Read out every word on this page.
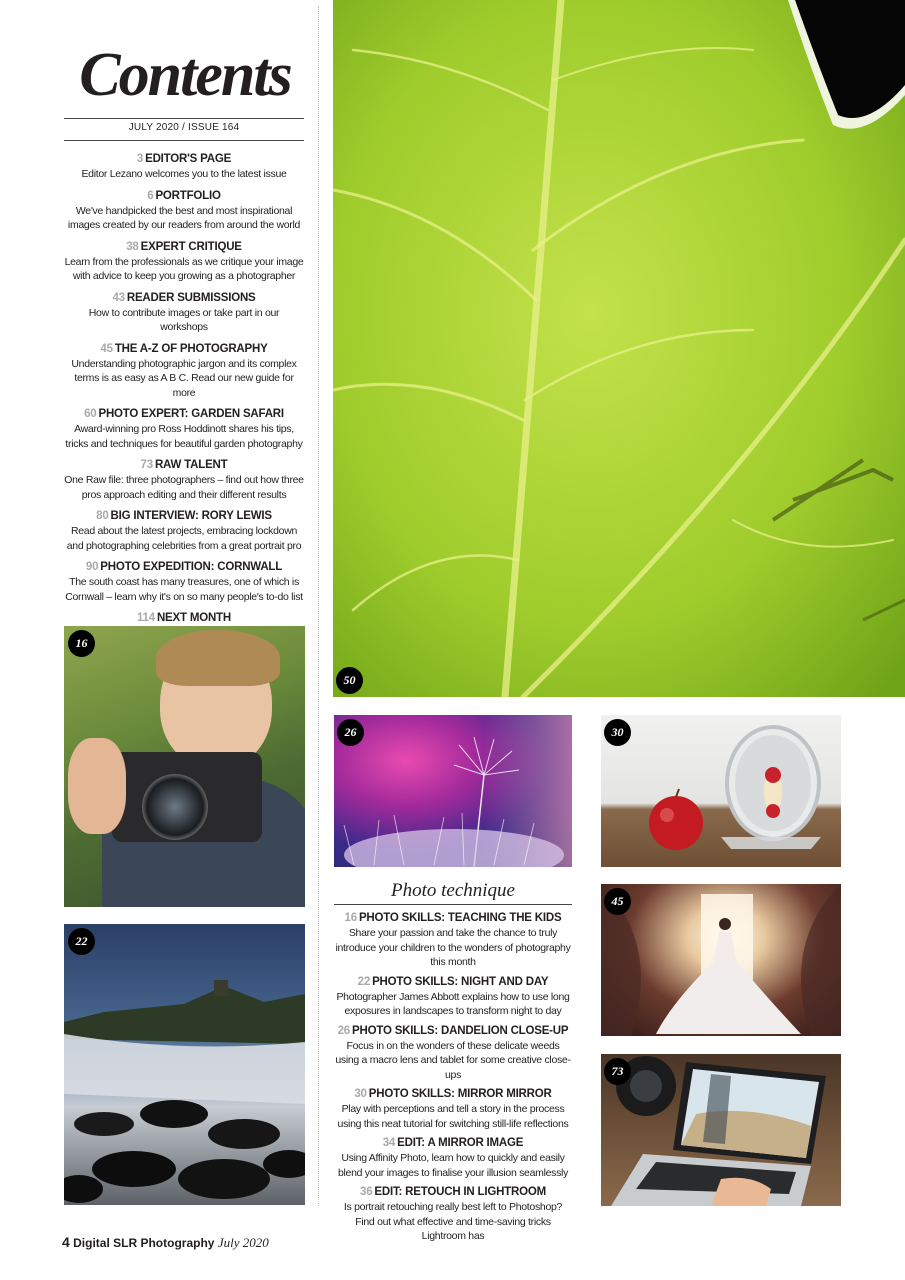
Contents
JULY 2020 / ISSUE 164
3 EDITOR'S PAGE
Editor Lezano welcomes you to the latest issue
6 PORTFOLIO
We've handpicked the best and most inspirational images created by our readers from around the world
38 EXPERT CRITIQUE
Learn from the professionals as we critique your image with advice to keep you growing as a photographer
43 READER SUBMISSIONS
How to contribute images or take part in our workshops
45 THE A-Z OF PHOTOGRAPHY
Understanding photographic jargon and its complex terms is as easy as A B C. Read our new guide for more
60 PHOTO EXPERT: GARDEN SAFARI
Award-winning pro Ross Hoddinott shares his tips, tricks and techniques for beautiful garden photography
73 RAW TALENT
One Raw file: three photographers – find out how three pros approach editing and their different results
80 BIG INTERVIEW: RORY LEWIS
Read about the latest projects, embracing lockdown and photographing celebrities from a great portrait pro
90 PHOTO EXPEDITION: CORNWALL
The south coast has many treasures, one of which is Cornwall – learn why it's on so many people's to-do list
114 NEXT MONTH
50
16
22
26
Photo technique
16 PHOTO SKILLS: TEACHING THE KIDS
Share your passion and take the chance to truly introduce your children to the wonders of photography this month
22 PHOTO SKILLS: NIGHT AND DAY
Photographer James Abbott explains how to use long exposures in landscapes to transform night to day
26 PHOTO SKILLS: DANDELION CLOSE-UP
Focus in on the wonders of these delicate weeds using a macro lens and tablet for some creative close-ups
30 PHOTO SKILLS: MIRROR MIRROR
Play with perceptions and tell a story in the process using this neat tutorial for switching still-life reflections
34 EDIT: A MIRROR IMAGE
Using Affinity Photo, learn how to quickly and easily blend your images to finalise your illusion seamlessly
36 EDIT: RETOUCH IN LIGHTROOM
Is portrait retouching really best left to Photoshop? Find out what effective and time-saving tricks Lightroom has
30
45
73
4 Digital SLR Photography July 2020
